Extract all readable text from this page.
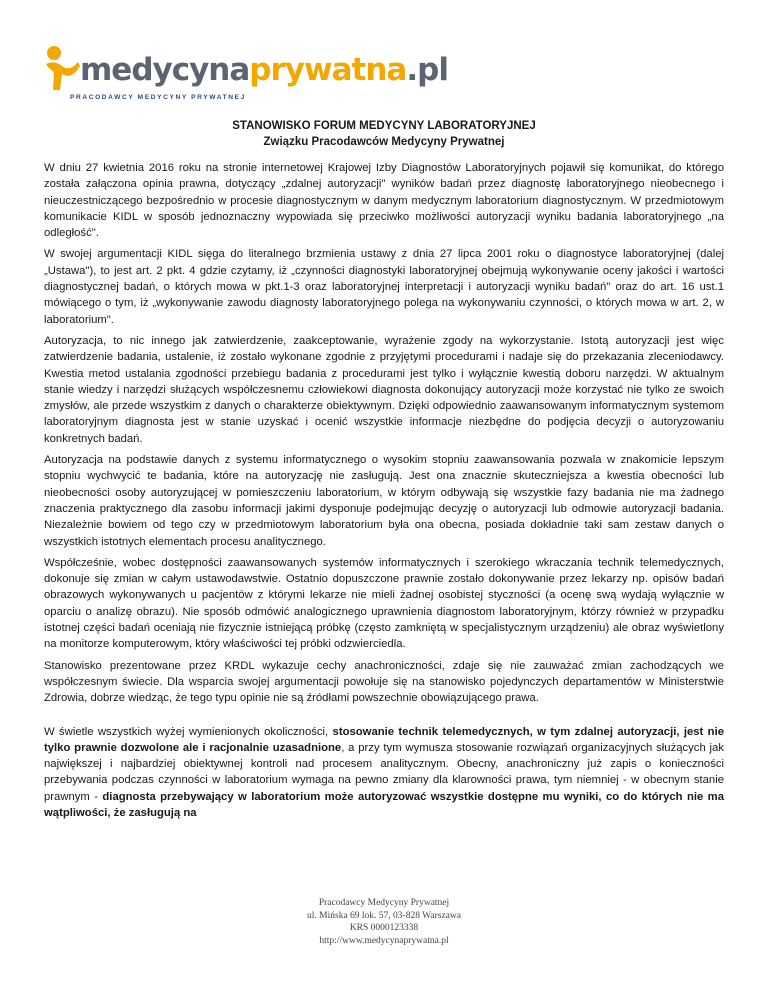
medycynaprywatna.pl
PRACODAWCY MEDYCYNY PRYWATNEJ
STANOWISKO FORUM MEDYCYNY LABORATORYJNEJ
Związku Pracodawców Medycyny Prywatnej

W dniu 27 kwietnia 2016 roku na stronie internetowej Krajowej Izby Diagnostów Laboratoryjnych pojawił się komunikat, do którego została załączona opinia prawna, dotyczący „zdalnej autoryzacji" wyników badań przez diagnostę laboratoryjnego nieobecnego i nieuczestniczącego bezpośrednio w procesie diagnostycznym w danym medycznym laboratorium diagnostycznym. W przedmiotowym komunikacie KIDL w sposób jednoznaczny wypowiada się przeciwko możliwości autoryzacji wyniku badania laboratoryjnego „na odległość".

W swojej argumentacji KIDL sięga do literalnego brzmienia ustawy z dnia 27 lipca 2001 roku o diagnostyce laboratoryjnej (dalej „Ustawa"), to jest art. 2 pkt. 4 gdzie czytamy, iż „czynności diagnostyki laboratoryjnej obejmują wykonywanie oceny jakości i wartości diagnostycznej badań, o których mowa w pkt.1-3 oraz laboratoryjnej interpretacji i autoryzacji wyniku badań" oraz do art. 16 ust.1 mówiącego o tym, iż „wykonywanie zawodu diagnosty laboratoryjnego polega na wykonywaniu czynności, o których mowa w art. 2, w laboratorium".

Autoryzacja, to nic innego jak zatwierdzenie, zaakceptowanie, wyrażenie zgody na wykorzystanie. Istotą autoryzacji jest więc zatwierdzenie badania, ustalenie, iż zostało wykonane zgodnie z przyjętymi procedurami i nadaje się do przekazania zleceniodawcy. Kwestia metod ustalania zgodności przebiegu badania z procedurami jest tylko i wyłącznie kwestią doboru narzędzi. W aktualnym stanie wiedzy i narzędzi służących współczesnemu człowiekowi diagnosta dokonujący autoryzacji może korzystać nie tylko ze swoich zmysłów, ale przede wszystkim z danych o charakterze obiektywnym. Dzięki odpowiednio zaawansowanym informatycznym systemom laboratoryjnym diagnosta jest w stanie uzyskać i ocenić wszystkie informacje niezbędne do podjęcia decyzji o autoryzowaniu konkretnych badań.

Autoryzacja na podstawie danych z systemu informatycznego o wysokim stopniu zaawansowania pozwala w znakomicie lepszym stopniu wychwycić te badania, które na autoryzację nie zasługują. Jest ona znacznie skuteczniejsza a kwestia obecności lub nieobecności osoby autoryzującej w pomieszczeniu laboratorium, w którym odbywają się wszystkie fazy badania nie ma żadnego znaczenia praktycznego dla zasobu informacji jakimi dysponuje podejmując decyzję o autoryzacji lub odmowie autoryzacji badania. Niezależnie bowiem od tego czy w przedmiotowym laboratorium była ona obecna, posiada dokładnie taki sam zestaw danych o wszystkich istotnych elementach procesu analitycznego.

Współcześnie, wobec dostępności zaawansowanych systemów informatycznych i szerokiego wkraczania technik telemedycznych, dokonuje się zmian w całym ustawodawstwie. Ostatnio dopuszczone prawnie zostało dokonywanie przez lekarzy np. opisów badań obrazowych wykonywanych u pacjentów z którymi lekarze nie mieli żadnej osobistej styczności (a ocenę swą wydają wyłącznie w oparciu o analizę obrazu). Nie sposób odmówić analogicznego uprawnienia diagnostom laboratoryjnym, którzy również w przypadku istotnej części badań oceniają nie fizycznie istniejącą próbkę (często zamkniętą w specjalistycznym urządzeniu) ale obraz wyświetlony na monitorze komputerowym, który właściwości tej próbki odzwierciedla.

Stanowisko prezentowane przez KRDL wykazuje cechy anachroniczności, zdaje się nie zauważać zmian zachodzących we współczesnym świecie. Dla wsparcia swojej argumentacji powołuje się na stanowisko pojedynczych departamentów w Ministerstwie Zdrowia, dobrze wiedząc, że tego typu opinie nie są źródłami powszechnie obowiązującego prawa.

W świetle wszystkich wyżej wymienionych okoliczności, stosowanie technik telemedycznych, w tym zdalnej autoryzacji, jest nie tylko prawnie dozwolone ale i racjonalnie uzasadnione, a przy tym wymusza stosowanie rozwiązań organizacyjnych służących jak największej i najbardziej obiektywnej kontroli nad procesem analitycznym. Obecny, anachroniczny już zapis o konieczności przebywania podczas czynności w laboratorium wymaga na pewno zmiany dla klarowności prawa, tym niemniej - w obecnym stanie prawnym - diagnosta przebywający w laboratorium może autoryzować wszystkie dostępne mu wyniki, co do których nie ma wątpliwości, że zasługują na

Pracodawcy Medycyny Prywatnej
ul. Mińska 69 lok. 57, 03-828 Warszawa
KRS 0000123338
http://www.medycynaprywatna.pl
